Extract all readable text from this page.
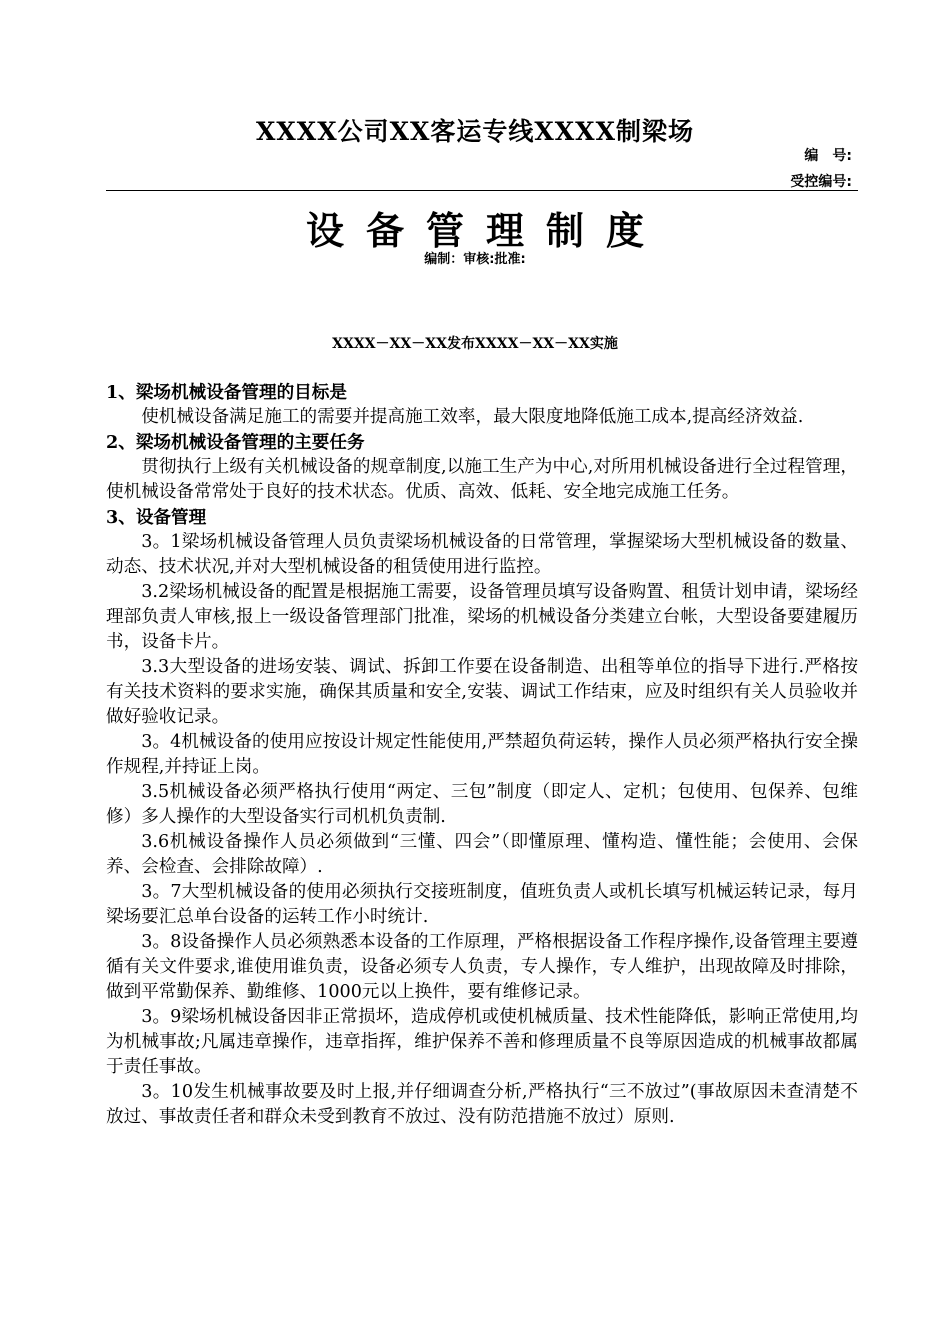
XXXX公司XX客运专线XXXX制梁场
编　号:
受控编号:
设备管理制度
编制：审核:批准:
XXXX－XX－XX发布XXXX－XX－XX实施
1、梁场机械设备管理的目标是

使机械设备满足施工的需要并提高施工效率，最大限度地降低施工成本,提高经济效益.

2、梁场机械设备管理的主要任务

贯彻执行上级有关机械设备的规章制度,以施工生产为中心,对所用机械设备进行全过程管理，使机械设备常常处于良好的技术状态。优质、高效、低耗、安全地完成施工任务。

3、设备管理

3。1梁场机械设备管理人员负责梁场机械设备的日常管理，掌握梁场大型机械设备的数量、动态、技术状况,并对大型机械设备的租赁使用进行监控。

3.2梁场机械设备的配置是根据施工需要，设备管理员填写设备购置、租赁计划申请，梁场经理部负责人审核,报上一级设备管理部门批准，梁场的机械设备分类建立台帐，大型设备要建履历书，设备卡片。

3.3大型设备的进场安装、调试、拆卸工作要在设备制造、出租等单位的指导下进行.严格按有关技术资料的要求实施，确保其质量和安全,安装、调试工作结束，应及时组织有关人员验收并做好验收记录。

3。4机械设备的使用应按设计规定性能使用,严禁超负荷运转，操作人员必须严格执行安全操作规程,并持证上岗。

3.5机械设备必须严格执行使用“两定、三包”制度（即定人、定机；包使用、包保养、包维修）多人操作的大型设备实行司机机负责制.

3.6机械设备操作人员必须做到“三懂、四会”（即懂原理、懂构造、懂性能；会使用、会保养、会检查、会排除故障）.

3。7大型机械设备的使用必须执行交接班制度，值班负责人或机长填写机械运转记录，每月梁场要汇总单台设备的运转工作小时统计.

3。8设备操作人员必须熟悉本设备的工作原理，严格根据设备工作程序操作,设备管理主要遵循有关文件要求,谁使用谁负责，设备必须专人负责，专人操作，专人维护，出现故障及时排除，做到平常勤保养、勤维修、1000元以上换件，要有维修记录。

3。9梁场机械设备因非正常损坏，造成停机或使机械质量、技术性能降低，影响正常使用,均为机械事故;凡属违章操作，违章指挥，维护保养不善和修理质量不良等原因造成的机械事故都属于责任事故。

3。10发生机械事故要及时上报,并仔细调查分析,严格执行“三不放过”(事故原因未查清楚不放过、事故责任者和群众未受到教育不放过、没有防范措施不放过）原则.
